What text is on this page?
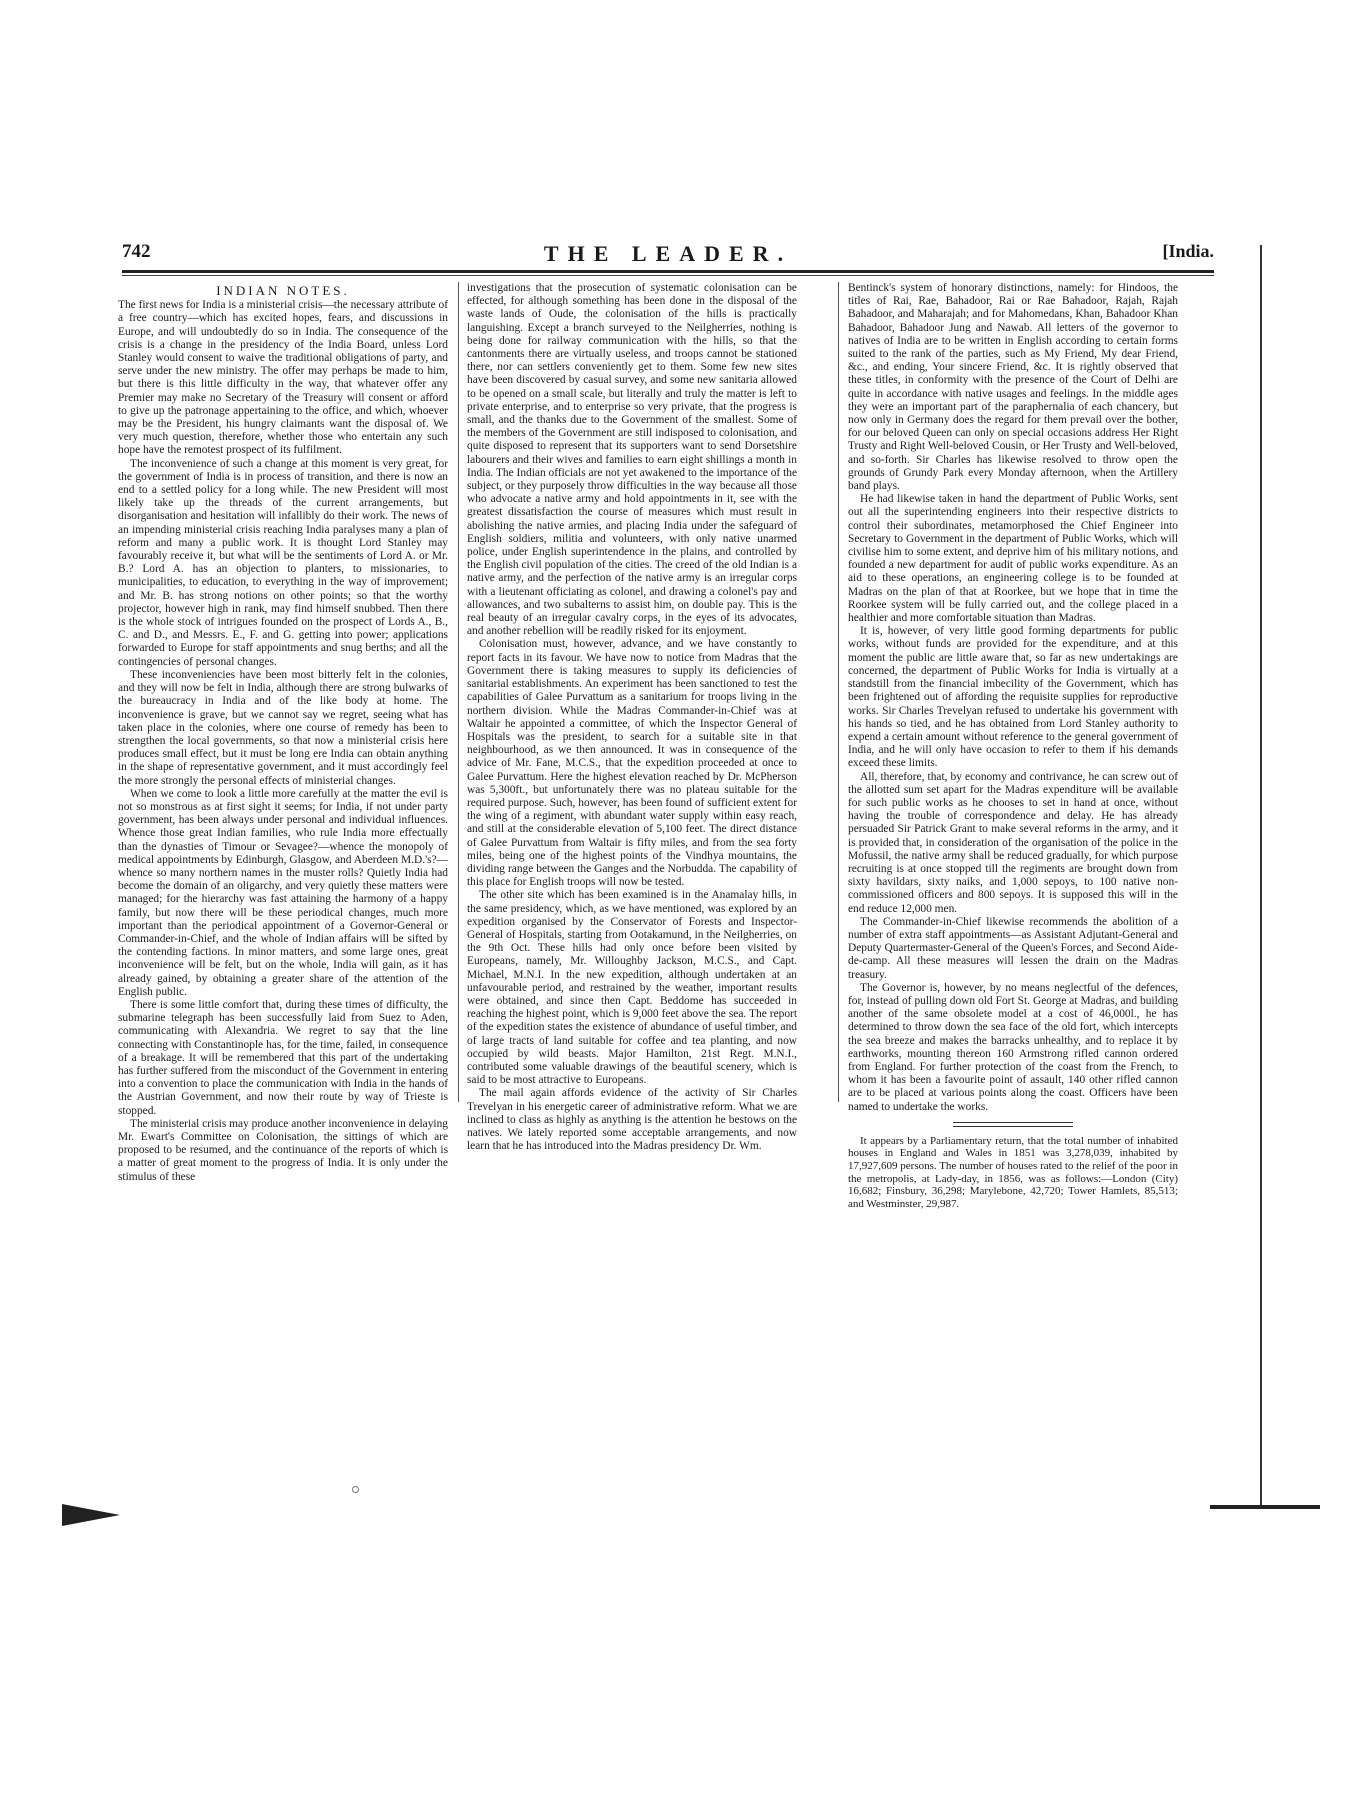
742	THE LEADER.	[India.
INDIAN NOTES.

The first news for India is a ministerial crisis—the necessary attribute of a free country—which has excited hopes, fears, and discussions in Europe, and will undoubtedly do so in India. The consequence of the crisis is a change in the presidency of the India Board, unless Lord Stanley would consent to waive the traditional obligations of party, and serve under the new ministry. The offer may perhaps be made to him, but there is this little difficulty in the way, that whatever offer any Premier may make no Secretary of the Treasury will consent or afford to give up the patronage appertaining to the office, and which, whoever may be the President, his hungry claimants want the disposal of. We very much question, therefore, whether those who entertain any such hope have the remotest prospect of its fulfilment.

The inconvenience of such a change at this moment is very great, for the government of India is in process of transition, and there is now an end to a settled policy for a long while. The new President will most likely take up the threads of the current arrangements, but disorganisation and hesitation will infallibly do their work. The news of an impending ministerial crisis reaching India paralyses many a plan of reform and many a public work. It is thought Lord Stanley may favourably receive it, but what will be the sentiments of Lord A. or Mr. B.? Lord A. has an objection to planters, to missionaries, to municipalities, to education, to everything in the way of improvement; and Mr. B. has strong notions on other points; so that the worthy projector, however high in rank, may find himself snubbed. Then there is the whole stock of intrigues founded on the prospect of Lords A., B., C. and D., and Messrs. E., F. and G. getting into power; applications forwarded to Europe for staff appointments and snug berths; and all the contingencies of personal changes.

These inconveniencies have been most bitterly felt in the colonies, and they will now be felt in India, although there are strong bulwarks of the bureaucracy in India and of the like body at home. The inconvenience is grave, but we cannot say we regret, seeing what has taken place in the colonies, where one course of remedy has been to strengthen the local governments, so that now a ministerial crisis here produces small effect, but it must be long ere India can obtain anything in the shape of representative government, and it must accordingly feel the more strongly the personal effects of ministerial changes.

When we come to look a little more carefully at the matter the evil is not so monstrous as at first sight it seems; for India, if not under party government, has been always under personal and individual influences. Whence those great Indian families, who rule India more effectually than the dynasties of Timour or Sevagee?—whence the monopoly of medical appointments by Edinburgh, Glasgow, and Aberdeen M.D.'s?—whence so many northern names in the muster rolls? Quietly India had become the domain of an oligarchy, and very quietly these matters were managed; for the hierarchy was fast attaining the harmony of a happy family, but now there will be these periodical changes, much more important than the periodical appointment of a Governor-General or Commander-in-Chief, and the whole of Indian affairs will be sifted by the contending factions. In minor matters, and some large ones, great inconvenience will be felt, but on the whole, India will gain, as it has already gained, by obtaining a greater share of the attention of the English public.

There is some little comfort that, during these times of difficulty, the submarine telegraph has been successfully laid from Suez to Aden, communicating with Alexandria. We regret to say that the line connecting with Constantinople has, for the time, failed, in consequence of a breakage. It will be remembered that this part of the undertaking has further suffered from the misconduct of the Government in entering into a convention to place the communication with India in the hands of the Austrian Government, and now their route by way of Trieste is stopped.

The ministerial crisis may produce another inconvenience in delaying Mr. Ewart's Committee on Colonisation, the sittings of which are proposed to be resumed, and the continuance of the reports of which is a matter of great moment to the progress of India. It is only under the stimulus of these

investigations that the prosecution of systematic colonisation can be effected, for although something has been done in the disposal of the waste lands of Oude, the colonisation of the hills is practically languishing. Except a branch surveyed to the Neilgherries, nothing is being done for railway communication with the hills, so that the cantonments there are virtually useless, and troops cannot be stationed there, nor can settlers conveniently get to them. Some few new sites have been discovered by casual survey, and some new sanitaria allowed to be opened on a small scale, but literally and truly the matter is left to private enterprise, and to enterprise so very private, that the progress is small, and the thanks due to the Government of the smallest. Some of the members of the Government are still indisposed to colonisation, and quite disposed to represent that its supporters want to send Dorsetshire labourers and their wives and families to earn eight shillings a month in India. The Indian officials are not yet awakened to the importance of the subject, or they purposely throw difficulties in the way because all those who advocate a native army and hold appointments in it, see with the greatest dissatisfaction the course of measures which must result in abolishing the native armies, and placing India under the safeguard of English soldiers, militia and volunteers, with only native unarmed police, under English superintendence in the plains, and controlled by the English civil population of the cities. The creed of the old Indian is a native army, and the perfection of the native army is an irregular corps with a lieutenant officiating as colonel, and drawing a colonel's pay and allowances, and two subalterns to assist him, on double pay. This is the real beauty of an irregular cavalry corps, in the eyes of its advocates, and another rebellion will be readily risked for its enjoyment.

Colonisation must, however, advance, and we have constantly to report facts in its favour. We have now to notice from Madras that the Government there is taking measures to supply its deficiencies of sanitarial establishments. An experiment has been sanctioned to test the capabilities of Galee Purvattum as a sanitarium for troops living in the northern division. While the Madras Commander-in-Chief was at Waltair he appointed a committee, of which the Inspector General of Hospitals was the president, to search for a suitable site in that neighbourhood, as we then announced. It was in consequence of the advice of Mr. Fane, M.C.S., that the expedition proceeded at once to Galee Purvattum. Here the highest elevation reached by Dr. McPherson was 5,300ft., but unfortunately there was no plateau suitable for the required purpose. Such, however, has been found of sufficient extent for the wing of a regiment, with abundant water supply within easy reach, and still at the considerable elevation of 5,100 feet. The direct distance of Galee Purvattum from Waltair is fifty miles, and from the sea forty miles, being one of the highest points of the Vindhya mountains, the dividing range between the Ganges and the Norbudda. The capability of this place for English troops will now be tested.

The other site which has been examined is in the Anamalay hills, in the same presidency, which, as we have mentioned, was explored by an expedition organised by the Conservator of Forests and Inspector-General of Hospitals, starting from Ootakamund, in the Neilgherries, on the 9th Oct. These hills had only once before been visited by Europeans, namely, Mr. Willoughby Jackson, M.C.S., and Capt. Michael, M.N.I. In the new expedition, although undertaken at an unfavourable period, and restrained by the weather, important results were obtained, and since then Capt. Beddome has succeeded in reaching the highest point, which is 9,000 feet above the sea. The report of the expedition states the existence of abundance of useful timber, and of large tracts of land suitable for coffee and tea planting, and now occupied by wild beasts. Major Hamilton, 21st Regt. M.N.I., contributed some valuable drawings of the beautiful scenery, which is said to be most attractive to Europeans.

The mail again affords evidence of the activity of Sir Charles Trevelyan in his energetic career of administrative reform. What we are inclined to class as highly as anything is the attention he bestows on the natives. We lately reported some acceptable arrangements, and now learn that he has introduced into the Madras presidency Dr. Wm.

Bentinck's system of honorary distinctions, namely: for Hindoos, the titles of Rai, Rae, Bahadoor, Rai or Rae Bahadoor, Rajah, Rajah Bahadoor, and Maharajah; and for Mahomedans, Khan, Bahadoor Khan Bahadoor, Bahadoor Jung and Nawab. All letters of the governor to natives of India are to be written in English according to certain forms suited to the rank of the parties, such as My Friend, My dear Friend, &c., and ending, Your sincere Friend, &c. It is rightly observed that these titles, in conformity with the presence of the Court of Delhi are quite in accordance with native usages and feelings. In the middle ages they were an important part of the paraphernalia of each chancery, but now only in Germany does the regard for them prevail over the bother, for our beloved Queen can only on special occasions address Her Right Trusty and Right Well-beloved Cousin, or Her Trusty and Well-beloved, and so-forth. Sir Charles has likewise resolved to throw open the grounds of Grundy Park every Monday afternoon, when the Artillery band plays.

He had likewise taken in hand the department of Public Works, sent out all the superintending engineers into their respective districts to control their subordinates, metamorphosed the Chief Engineer into Secretary to Government in the department of Public Works, which will civilise him to some extent, and deprive him of his military notions, and founded a new department for audit of public works expenditure. As an aid to these operations, an engineering college is to be founded at Madras on the plan of that at Roorkee, but we hope that in time the Roorkee system will be fully carried out, and the college placed in a healthier and more comfortable situation than Madras.

It is, however, of very little good forming departments for public works, without funds are provided for the expenditure, and at this moment the public are little aware that, so far as new undertakings are concerned, the department of Public Works for India is virtually at a standstill from the financial imbecility of the Government, which has been frightened out of affording the requisite supplies for reproductive works. Sir Charles Trevelyan refused to undertake his government with his hands so tied, and he has obtained from Lord Stanley authority to expend a certain amount without reference to the general government of India, and he will only have occasion to refer to them if his demands exceed these limits.

All, therefore, that, by economy and contrivance, he can screw out of the allotted sum set apart for the Madras expenditure will be available for such public works as he chooses to set in hand at once, without having the trouble of correspondence and delay. He has already persuaded Sir Patrick Grant to make several reforms in the army, and it is provided that, in consideration of the organisation of the police in the Mofussil, the native army shall be reduced gradually, for which purpose recruiting is at once stopped till the regiments are brought down from sixty havildars, sixty naiks, and 1,000 sepoys, to 100 native non-commissioned officers and 800 sepoys. It is supposed this will in the end reduce 12,000 men.

The Commander-in-Chief likewise recommends the abolition of a number of extra staff appointments—as Assistant Adjutant-General and Deputy Quartermaster-General of the Queen's Forces, and Second Aide-de-camp. All these measures will lessen the drain on the Madras treasury.

The Governor is, however, by no means neglectful of the defences, for, instead of pulling down old Fort St. George at Madras, and building another of the same obsolete model at a cost of 46,000l., he has determined to throw down the sea face of the old fort, which intercepts the sea breeze and makes the barracks unhealthy, and to replace it by earthworks, mounting thereon 160 Armstrong rifled cannon ordered from England. For further protection of the coast from the French, to whom it has been a favourite point of assault, 140 other rifled cannon are to be placed at various points along the coast. Officers have been named to undertake the works.

It appears by a Parliamentary return, that the total number of inhabited houses in England and Wales in 1851 was 3,278,039, inhabited by 17,927,609 persons. The number of houses rated to the relief of the poor in the metropolis, at Lady-day, in 1856, was as follows:—London (City) 16,682; Finsbury, 36,298; Marylebone, 42,720; Tower Hamlets, 85,513; and Westminster, 29,987.
